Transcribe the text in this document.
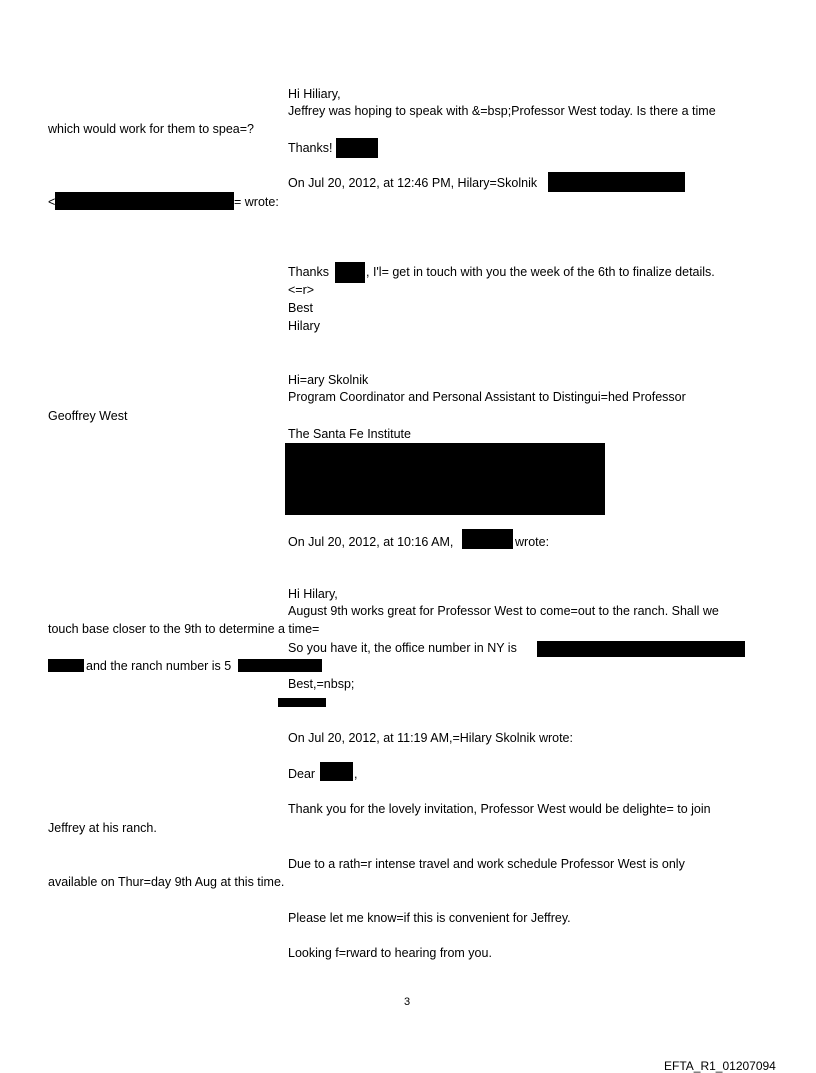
Hi Hiliary,
Jeffrey was hoping to speak with &=bsp;Professor West today. Is there a time
which would work for them to spea=?
Thanks!
On Jul 20, 2012, at 12:46 PM, Hilary=Skolnik
<	= wrote:
Thanks	, I'l= get in touch with you the week of the 6th to finalize details.
<=r>
Best
Hilary
Hi=ary Skolnik
Program Coordinator and Personal Assistant to Distingui=hed Professor
Geoffrey West
The Santa Fe Institute
On Jul 20, 2012, at 10:16 AM,	wrote:
Hi Hilary,
August 9th works great for Professor West to come=out to the ranch. Shall we
touch base closer to the 9th to determine a time=
So you have it, the office number in NY is
and the ranch number is 5
Best,=nbsp;
On Jul 20, 2012, at 11:19 AM,=Hilary Skolnik wrote:
Dear	,
Thank you for the lovely invitation, Professor West would be delighte= to join
Jeffrey at his ranch.
Due to a rath=r intense travel and work schedule Professor West is only
available on Thur=day 9th Aug at this time.
Please let me know=if this is convenient for Jeffrey.
Looking f=rward to hearing from you.
3
EFTA_R1_01207094
